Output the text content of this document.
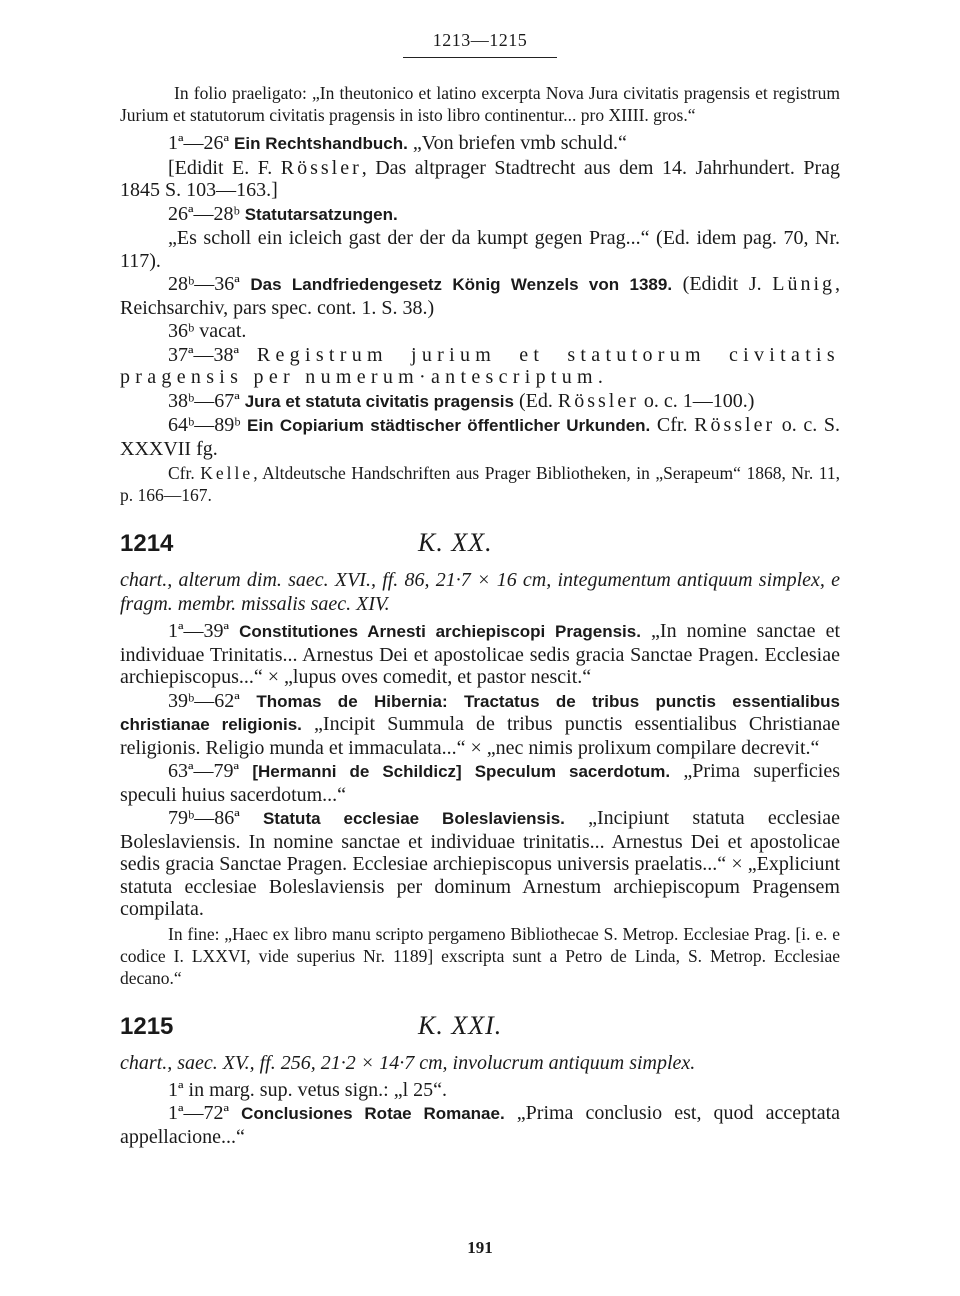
1213—1215

In folio praeligato: „In theutonico et latino excerpta Nova Jura civitatis pragensis et registrum Jurium et statutorum civitatis pragensis in isto libro continentur... pro XIIII. gros.“

1ª—26ª Ein Rechtshandbuch. „Von briefen vmb schuld.“

[Edidit E. F. Rössler, Das altprager Stadtrecht aus dem 14. Jahrhundert. Prag 1845 S. 103—163.]

26ª—28ᵇ Statutarsatzungen.

„Es scholl ein icleich gast der der da kumpt gegen Prag...“ (Ed. idem pag. 70, Nr. 117).

28ᵇ—36ª Das Landfriedengesetz König Wenzels von 1389. (Edidit J. Lünig, Reichsarchiv, pars spec. cont. 1. S. 38.)

36ᵇ vacat.

37ª—38ª Registrum jurium et statutorum civitatis pragensis per numerum·antescriptum.

38ᵇ—67ª Jura et statuta civitatis pragensis (Ed. Rössler o. c. 1—100.)

64ᵇ—89ᵇ Ein Copiarium städtischer öffentlicher Urkunden. Cfr. Rössler o. c. S. XXXVII fg.

Cfr. Kelle, Altdeutsche Handschriften aus Prager Bibliotheken, in „Serapeum“ 1868, Nr. 11, p. 166—167.

1214	K. XX.

chart., alterum dim. saec. XVI., ff. 86, 21·7 × 16 cm, integumentum antiquum simplex, e fragm. membr. missalis saec. XIV.

1ª—39ª Constitutiones Arnesti archiepiscopi Pragensis. „In nomine sanctae et individuae Trinitatis... Arnestus Dei et apostolicae sedis gracia Sanctae Pragen. Ecclesiae archiepiscopus...“ × „lupus oves comedit, et pastor nescit.“

39ᵇ—62ª Thomas de Hibernia: Tractatus de tribus punctis essentialibus christianae religionis. „Incipit Summula de tribus punctis essentialibus Christianae religionis. Religio munda et immaculata...“ × „nec nimis prolixum compilare decrevit.“

63ª—79ª [Hermanni de Schildicz] Speculum sacerdotum. „Prima superficies speculi huius sacerdotum...“

79ᵇ—86ª Statuta ecclesiae Boleslaviensis. „Incipiunt statuta ecclesiae Boleslaviensis. In nomine sanctae et individuae trinitatis... Arnestus Dei et apostolicae sedis gracia Sanctae Pragen. Ecclesiae archiepiscopus universis praelatis...“ × „Expliciunt statuta ecclesiae Boleslaviensis per dominum Arnestum archiepiscopum Pragensem compilata.

In fine: „Haec ex libro manu scripto pergameno Bibliothecae S. Metrop. Ecclesiae Prag. [i. e. e codice I. LXXVI, vide superius Nr. 1189] exscripta sunt a Petro de Linda, S. Metrop. Ecclesiae decano.“

1215	K. XXI.

chart., saec. XV., ff. 256, 21·2 × 14·7 cm, involucrum antiquum simplex.

1ª in marg. sup. vetus sign.: „l 25“.

1ª—72ª Conclusiones Rotae Romanae. „Prima conclusio est, quod acceptata appellacione...“

191
